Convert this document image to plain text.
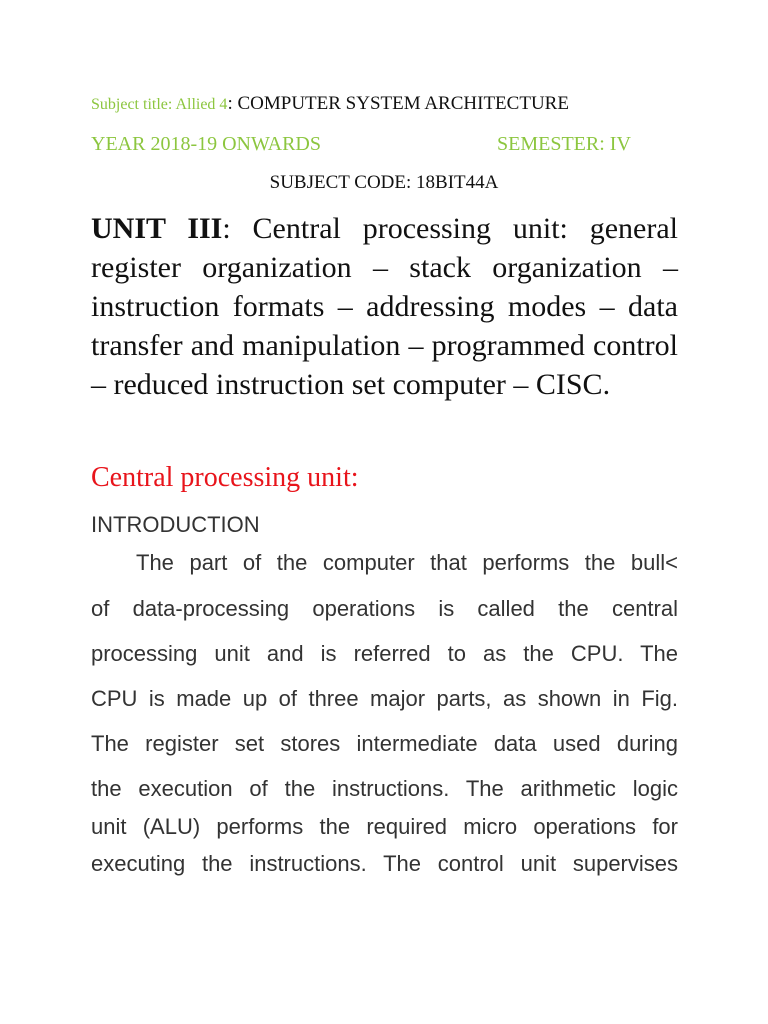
Subject title: Allied 4: COMPUTER SYSTEM ARCHITECTURE
YEAR 2018-19 ONWARDS	SEMESTER: IV
SUBJECT CODE: 18BIT44A
UNIT III: Central processing unit: general
register organization – stack organization –
instruction formats – addressing modes – data
transfer and manipulation – programmed control
– reduced instruction set computer – CISC.
Central processing unit:
INTRODUCTION
The part of the computer that performs the bull<
of data-processing operations is called the central
processing unit and is referred to as the CPU. The
CPU is made up of three major parts, as shown in Fig.
The register set stores intermediate data used during
the execution of the instructions. The arithmetic logic
unit (ALU) performs the required micro operations for
executing the instructions. The control unit supervises
